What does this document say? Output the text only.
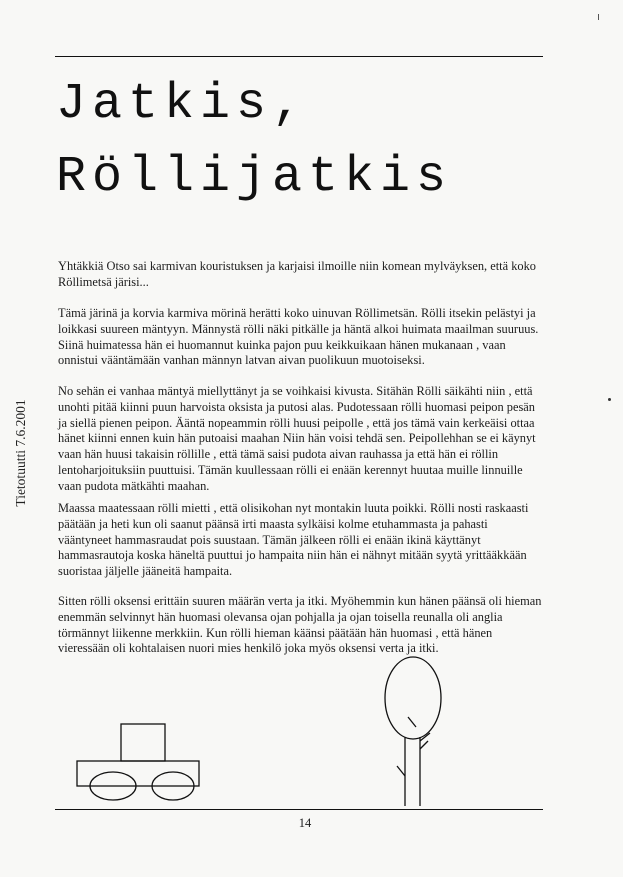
Jatkis,
Röllijatkis
Tietotuutti 7.6.2001

Yhtäkkiä Otso sai karmivan kouristuksen ja karjaisi ilmoille niin komean mylväyksen, että koko Röllimetsä järisi...

Tämä järinä ja korvia karmiva mörinä herätti koko uinuvan Röllimetsän. Rölli itsekin pelästyi ja loikkasi suureen mäntyyn. Männystä rölli näki pitkälle ja häntä alkoi huimata maailman suuruus. Siinä huimatessa hän ei huomannut kuinka pajon puu keikkuikaan hänen mukanaan , vaan onnistui vääntämään vanhan männyn latvan aivan puolikuun muotoiseksi.

No sehän ei vanhaa mäntyä miellyttänyt ja se voihkaisi kivusta. Sitähän Rölli säikähti niin , että unohti pitää kiinni puun harvoista oksista ja putosi alas. Pudotessaan rölli huomasi peipon pesän ja siellä pienen peipon. Ääntä nopeammin rölli huusi peipolle , että jos tämä vain kerkeäisi ottaa hänet kiinni ennen kuin hän putoaisi maahan Niin hän voisi tehdä sen. Peipollehhan se ei käynyt vaan hän huusi takaisin röllille , että tämä saisi pudota aivan rauhassa ja että hän ei röllin lentoharjoituksiin puuttuisi. Tämän kuullessaan rölli ei enään kerennyt huutaa muille linnuille vaan pudota mätkähti maahan.

Maassa maatessaan rölli mietti , että olisikohan nyt montakin luuta poikki. Rölli nosti raskaasti päätään ja heti kun oli saanut päänsä irti maasta sylkäisi kolme etuhammasta ja pahasti vääntyneet hammasraudat pois suustaan. Tämän jälkeen rölli ei enään ikinä käyttänyt hammasrautoja koska häneltä puuttui jo hampaita niin hän ei nähnyt mitään syytä yrittääkkään suoristaa jäljelle jääneitä hampaita.

Sitten rölli oksensi erittäin suuren määrän verta ja itki. Myöhemmin kun hänen päänsä oli hieman enemmän selvinnyt hän huomasi olevansa ojan pohjalla ja ojan toisella reunalla oli anglia törmännyt liikenne merkkiin. Kun rölli hieman käänsi päätään hän huomasi , että hänen vieressään oli kohtalaisen nuori mies henkilö joka myös oksensi verta ja itki.

14
